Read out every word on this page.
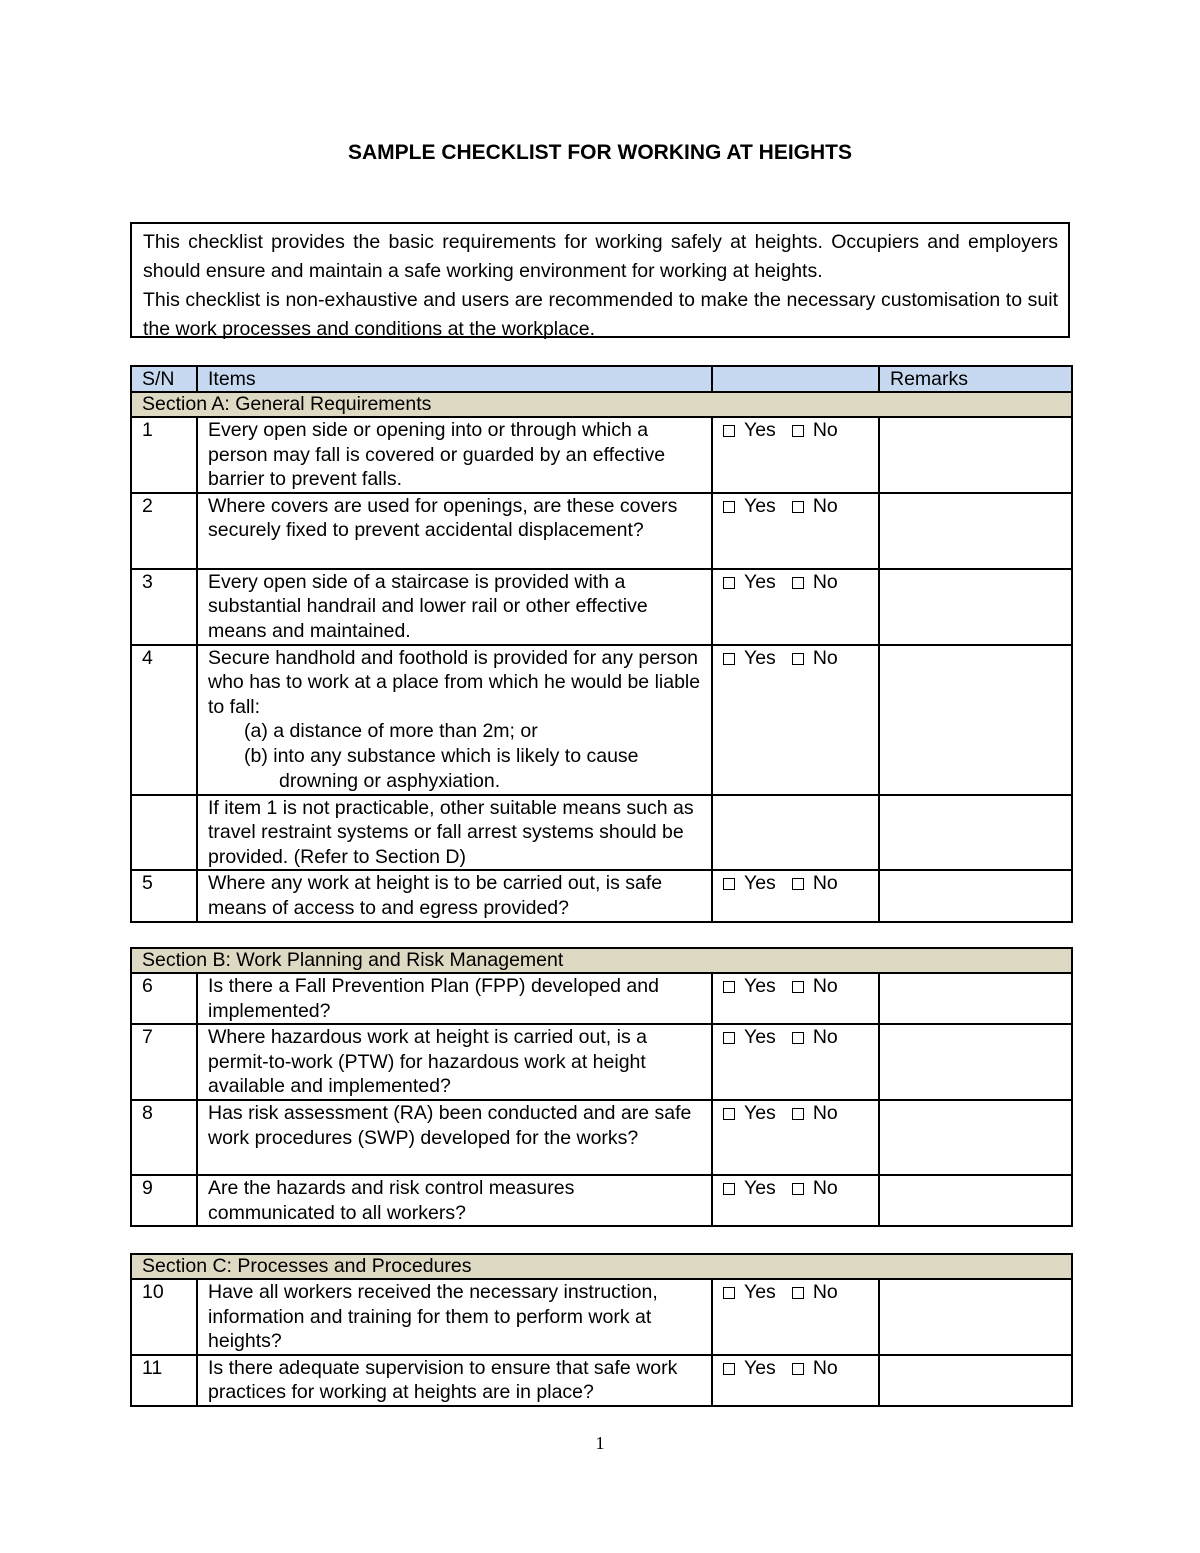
SAMPLE CHECKLIST FOR WORKING AT HEIGHTS

This checklist provides the basic requirements for working safely at heights. Occupiers and employers should ensure and maintain a safe working environment for working at heights.

This checklist is non-exhaustive and users are recommended to make the necessary customisation to suit the work processes and conditions at the workplace.

S/N	Items		Remarks
Section A: General Requirements			
1	Every open side or opening into or through which a person may fall is covered or guarded by an effective barrier to prevent falls.	Yes No	
2	Where covers are used for openings, are these covers securely fixed to prevent accidental displacement?	Yes No	
3	Every open side of a staircase is provided with a substantial handrail and lower rail or other effective means and maintained.	Yes No	
4	Secure handhold and foothold is provided for any person who has to work at a place from which he would be liable to fall:
(a) a distance of more than 2m; or
(b) into any substance which is likely to cause
drowning or asphyxiation.	Yes No	
	If item 1 is not practicable, other suitable means such as travel restraint systems or fall arrest systems should be provided. (Refer to Section D)		
5	Where any work at height is to be carried out, is safe means of access to and egress provided?	Yes No	
Section B: Work Planning and Risk Management			
6	Is there a Fall Prevention Plan (FPP) developed and implemented?	Yes No	
7	Where hazardous work at height is carried out, is a permit-to-work (PTW) for hazardous work at height available and implemented?	Yes No	
8	Has risk assessment (RA) been conducted and are safe work procedures (SWP) developed for the works?	Yes No	
9	Are the hazards and risk control measures communicated to all workers?	Yes No	
Section C: Processes and Procedures			
10	Have all workers received the necessary instruction, information and training for them to perform work at heights?	Yes No	
11	Is there adequate supervision to ensure that safe work practices for working at heights are in place?	Yes No	
1
